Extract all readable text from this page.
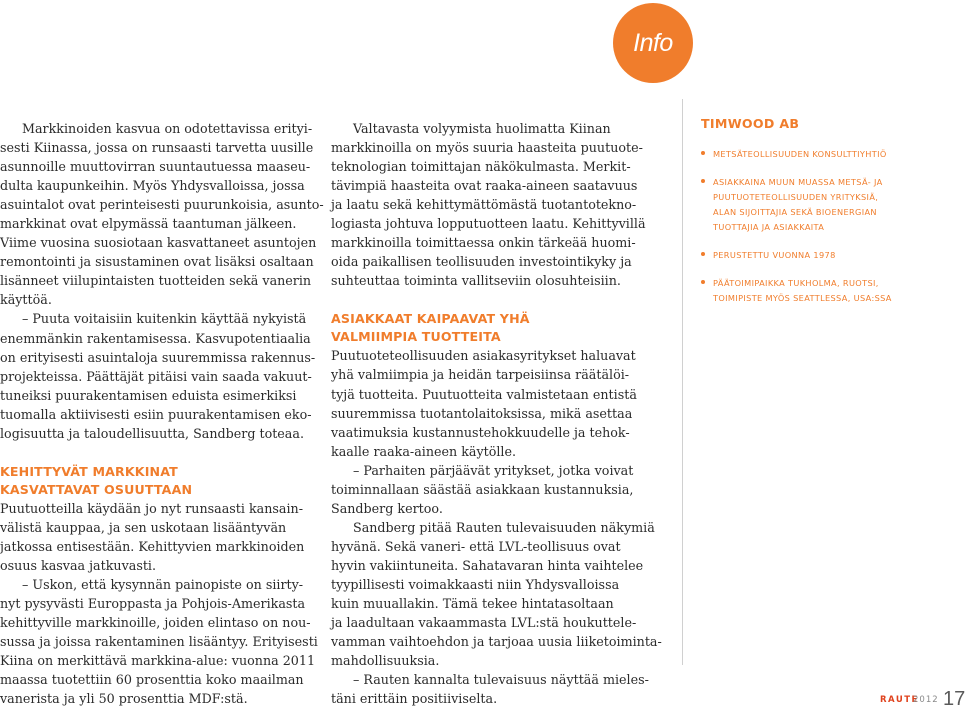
Info

Markkinoiden kasvua on odotettavissa erityi-

sesti Kiinassa, jossa on runsaasti tarvetta uusille

asunnoille muuttovirran suuntautuessa maaseu-

dulta kaupunkeihin. Myös Yhdysvalloissa, jossa

asuintalot ovat perinteisesti puurunkoisia, asunto-

markkinat ovat elpymässä taantuman jälkeen.

Viime vuosina suosiotaan kasvattaneet asuntojen

remontointi ja sisustaminen ovat lisäksi osaltaan

lisänneet viilupintaisten tuotteiden sekä vanerin

käyttöä.

– Puuta voitaisiin kuitenkin käyttää nykyistä

enemmänkin rakentamisessa. Kasvupotentiaalia

on erityisesti asuintaloja suuremmissa rakennus-

projekteissa. Päättäjät pitäisi vain saada vakuut-

tuneiksi puurakentamisen eduista esimerkiksi

tuomalla aktiivisesti esiin puurakentamisen eko-

logisuutta ja taloudellisuutta, Sandberg toteaa.

KEHITTYVÄT MARKKINAT

KASVATTAVAT OSUUTTAAN

Puutuotteilla käydään jo nyt runsaasti kansain-

välistä kauppaa, ja sen uskotaan lisääntyvän

jatkossa entisestään. Kehittyvien markkinoiden

osuus kasvaa jatkuvasti.

– Uskon, että kysynnän painopiste on siirty-

nyt pysyvästi Europpasta ja Pohjois-Amerikasta

kehittyville markkinoille, joiden elintaso on nou-

sussa ja joissa rakentaminen lisääntyy. Erityisesti

Kiina on merkittävä markkina-alue: vuonna 2011

maassa tuotettiin 60 prosenttia koko maailman

vanerista ja yli 50 prosenttia MDF:stä.

Valtavasta volyymista huolimatta Kiinan

markkinoilla on myös suuria haasteita puutuote-

teknologian toimittajan näkökulmasta. Merkit-

tävimpiä haasteita ovat raaka-aineen saatavuus

ja laatu sekä kehittymättömästä tuotantotekno-

logiasta johtuva lopputuotteen laatu. Kehittyvillä

markkinoilla toimittaessa onkin tärkeää huomi-

oida paikallisen teollisuuden investointikyky ja

suhteuttaa toiminta vallitseviin olosuhteisiin.

ASIAKKAAT KAIPAAVAT YHÄ

VALMIIMPIA TUOTTEITA

Puutuoteteollisuuden asiakasyritykset haluavat

yhä valmiimpia ja heidän tarpeisiinsa räätälöi-

tyjä tuotteita. Puutuotteita valmistetaan entistä

suuremmissa tuotantolaitoksissa, mikä asettaa

vaatimuksia kustannustehokkuudelle ja tehok-

kaalle raaka-aineen käytölle.

– Parhaiten pärjäävät yritykset, jotka voivat

toiminnallaan säästää asiakkaan kustannuksia,

Sandberg kertoo.

Sandberg pitää Rauten tulevaisuuden näkymiä

hyvänä. Sekä vaneri- että LVL-teollisuus ovat

hyvin vakiintuneita. Sahatavaran hinta vaihtelee

tyypillisesti voimakkaasti niin Yhdysvalloissa

kuin muuallakin. Tämä tekee hintatasoltaan

ja laadultaan vakaammasta LVL:stä houkuttele-

vamman vaihtoehdon ja tarjoaa uusia liiketoiminta-

mahdollisuuksia.

– Rauten kannalta tulevaisuus näyttää mieles-

täni erittäin positiiviselta.

TIMWOOD AB

METSÄTEOLLISUUDEN KONSULTTIYHTIÖ
ASIAKKAINA MUUN MUASSA METSÄ- JA
PUUTUOTETEOLLISUUDEN YRITYKSIÄ,
ALAN SIJOITTAJIA SEKÄ BIOENERGIAN
TUOTTAJIA JA ASIAKKAITA
PERUSTETTU VUONNA 1978
PÄÄTOIMIPAIKKA TUKHOLMA, RUOTSI,
TOIMIPISTE MYÖS SEATTLESSA, USA:SSA
RAUTE
2012 17
